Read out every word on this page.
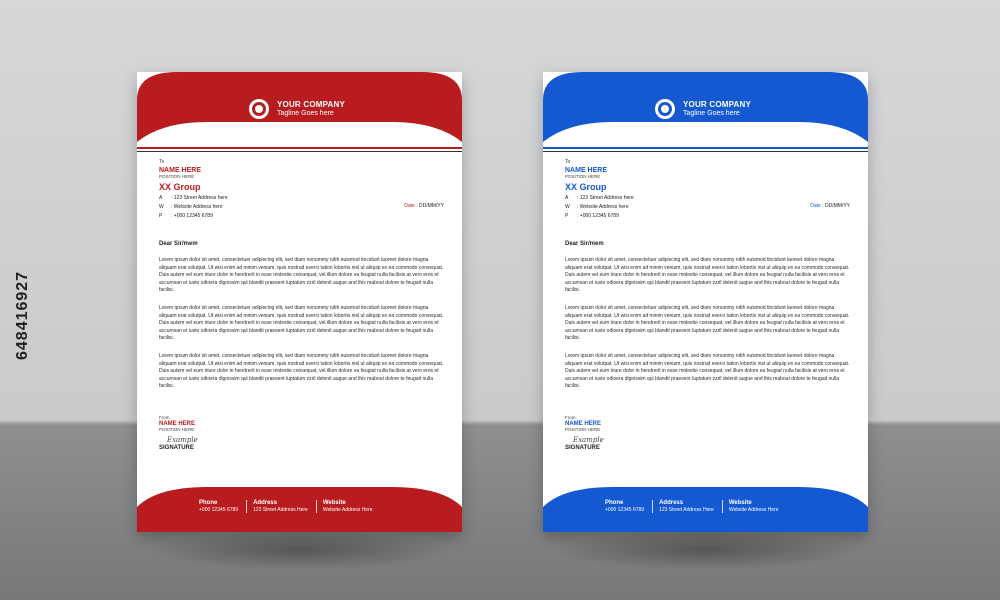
648416927
YOUR COMPANY
Tagline Goes here
To
NAME HERE
POSITION HERE
XX Group
A	: 123 Street Address here
W	: Website Address here
P	: +000 12345 6789
Date : DD/MM/YY
Dear Sir/mem
Lorem ipsum dolor sit amet, consectetuer adipiscing elit, sed diam nonummy nibh euismod tincidunt laoreet dolore magna aliquam erat volutpat. Ut wisi enim ad minim veniam, quis nostrud exerci tation lobortis nisl ut aliquip ex ea commodo consequat. Duis autem vel eum iriure dolor in hendrerit in esse molestie consequat, vel illum dolore eu feugiat nulla facilisis at vero eros et accumsan et iusto odioera dignissim qui blandit praesent luptatum zzril delenit augue and this mabout dolore te feugait nulla facilisi.
Lorem ipsum dolor sit amet, consectetuer adipiscing elit, sed diam nonummy nibh euismod tincidunt laoreet dolore magna aliquam erat volutpat. Ut wisi enim ad minim veniam, quis nostrud exerci tation lobortis nisl ut aliquip ex ea commodo consequat. Duis autem vel eum iriure dolor in hendrerit in esse molestie consequat, vel illum dolore eu feugiat nulla facilisis at vero eros et accumsan et iusto odioera dignissim qui blandit praesent luptatum zzril delenit augue and this mabout dolore te feugait nulla facilisi.
Lorem ipsum dolor sit amet, consectetuer adipiscing elit, sed diam nonummy nibh euismod tincidunt laoreet dolore magna aliquam erat volutpat. Ut wisi enim ad minim veniam, quis nostrud exerci tation lobortis nisl ut aliquip ex ea commodo consequat. Duis autem vel eum iriure dolor in hendrerit in esse molestie consequat, vel illum dolore eu feugiat nulla facilisis at vero eros et accumsan et iusto odioera dignissim qui blandit praesent luptatum zzril delenit augue and this mabout dolore te feugait nulla facilisi.
From
NAME HERE
POSITION HERE
Example
SIGNATURE
Phone
+000 12345 6789
Address
123 Street Address Here
Website
Website Address Here
YOUR COMPANY
Tagline Goes here
To
NAME HERE
POSITION HERE
XX Group
A	: 123 Street Address here
W	: Website Address here
P	: +000 12345 6789
Date : DD/MM/YY
Dear Sir/mem
Lorem ipsum dolor sit amet, consectetuer adipiscing elit, sed diam nonummy nibh euismod tincidunt laoreet dolore magna aliquam erat volutpat. Ut wisi enim ad minim veniam, quis nostrud exerci tation lobortis nisl ut aliquip ex ea commodo consequat. Duis autem vel eum iriure dolor in hendrerit in esse molestie consequat, vel illum dolore eu feugiat nulla facilisis at vero eros et accumsan et iusto odioera dignissim qui blandit praesent luptatum zzril delenit augue and this mabout dolore te feugait nulla facilisi.
Lorem ipsum dolor sit amet, consectetuer adipiscing elit, sed diam nonummy nibh euismod tincidunt laoreet dolore magna aliquam erat volutpat. Ut wisi enim ad minim veniam, quis nostrud exerci tation lobortis nisl ut aliquip ex ea commodo consequat. Duis autem vel eum iriure dolor in hendrerit in esse molestie consequat, vel illum dolore eu feugiat nulla facilisis at vero eros et accumsan et iusto odioera dignissim qui blandit praesent luptatum zzril delenit augue and this mabout dolore te feugait nulla facilisi.
Lorem ipsum dolor sit amet, consectetuer adipiscing elit, sed diam nonummy nibh euismod tincidunt laoreet dolore magna aliquam erat volutpat. Ut wisi enim ad minim veniam, quis nostrud exerci tation lobortis nisl ut aliquip ex ea commodo consequat. Duis autem vel eum iriure dolor in hendrerit in esse molestie consequat, vel illum dolore eu feugiat nulla facilisis at vero eros et accumsan et iusto odioera dignissim qui blandit praesent luptatum zzril delenit augue and this mabout dolore te feugait nulla facilisi.
From
NAME HERE
POSITION HERE
Example
SIGNATURE
Phone
+000 12345 6789
Address
123 Street Address Here
Website
Website Address Here
